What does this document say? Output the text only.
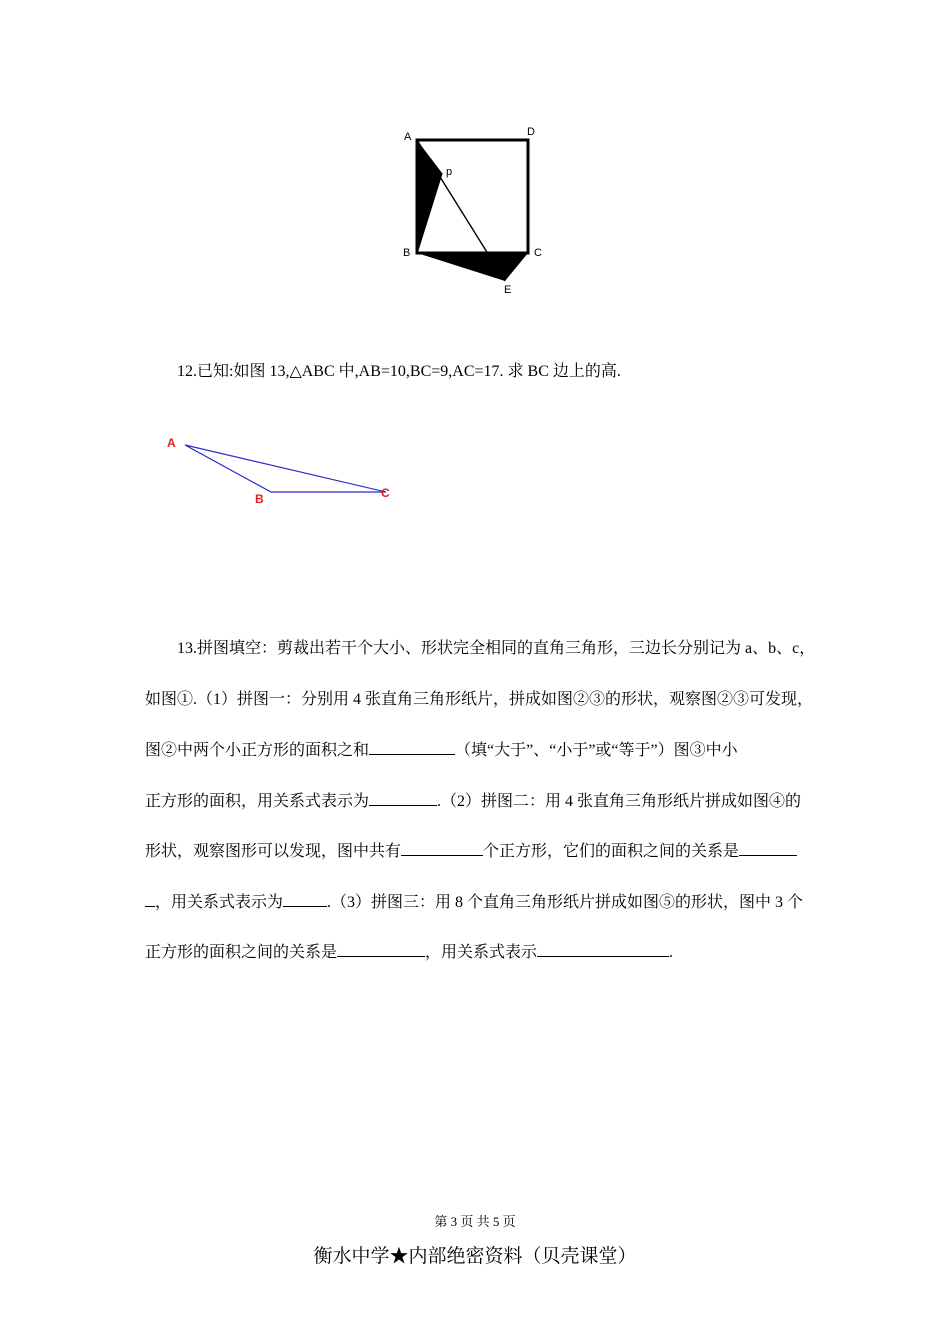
A	D
p
B	C
E
12.已知:如图 13,△ABC 中,AB=10,BC=9,AC=17. 求 BC 边上的高.
A
B	C
13.拼图填空：剪裁出若干个大小、形状完全相同的直角三角形，三边长分别记为 a、b、c，
如图①.（1）拼图一：分别用 4 张直角三角形纸片，拼成如图②③的形状，观察图②③可发现，
图②中两个小正方形的面积之和	（填“大于”、“小于”或“等于”）图③中小
正方形的面积，用关系式表示为	.（2）拼图二：用 4 张直角三角形纸片拼成如图④的
形状，观察图形可以发现，图中共有	个正方形，它们的面积之间的关系是
，用关系式表示为	.（3）拼图三：用 8 个直角三角形纸片拼成如图⑤的形状，图中 3 个
正方形的面积之间的关系是	，用关系式表示	.
第 3 页 共 5 页
衡水中学★内部绝密资料（贝壳课堂）
